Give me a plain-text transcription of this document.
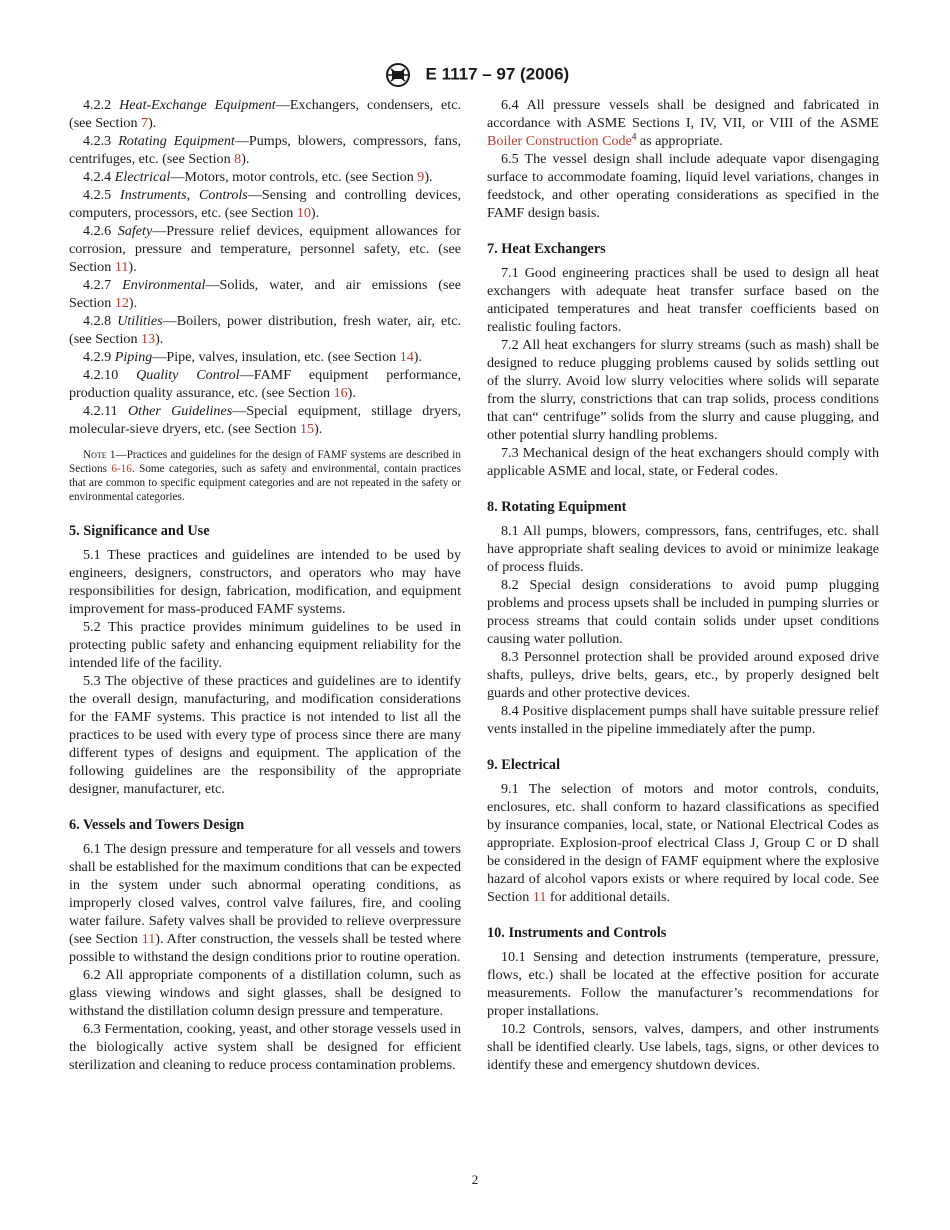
E 1117 – 97 (2006)

4.2.2 Heat-Exchange Equipment—Exchangers, condensers, etc. (see Section 7).

4.2.3 Rotating Equipment—Pumps, blowers, compressors, fans, centrifuges, etc. (see Section 8).

4.2.4 Electrical—Motors, motor controls, etc. (see Section 9).

4.2.5 Instruments, Controls—Sensing and controlling devices, computers, processors, etc. (see Section 10).

4.2.6 Safety—Pressure relief devices, equipment allowances for corrosion, pressure and temperature, personnel safety, etc. (see Section 11).

4.2.7 Environmental—Solids, water, and air emissions (see Section 12).

4.2.8 Utilities—Boilers, power distribution, fresh water, air, etc. (see Section 13).

4.2.9 Piping—Pipe, valves, insulation, etc. (see Section 14).

4.2.10 Quality Control—FAMF equipment performance, production quality assurance, etc. (see Section 16).

4.2.11 Other Guidelines—Special equipment, stillage dryers, molecular-sieve dryers, etc. (see Section 15).

Note 1—Practices and guidelines for the design of FAMF systems are described in Sections 6-16. Some categories, such as safety and environmental, contain practices that are common to specific equipment categories and are not repeated in the safety or environmental categories.

5. Significance and Use

5.1 These practices and guidelines are intended to be used by engineers, designers, constructors, and operators who may have responsibilities for design, fabrication, modification, and equipment improvement for mass-produced FAMF systems.

5.2 This practice provides minimum guidelines to be used in protecting public safety and enhancing equipment reliability for the intended life of the facility.

5.3 The objective of these practices and guidelines are to identify the overall design, manufacturing, and modification considerations for the FAMF systems. This practice is not intended to list all the practices to be used with every type of process since there are many different types of designs and equipment. The application of the following guidelines are the responsibility of the appropriate designer, manufacturer, etc.

6. Vessels and Towers Design

6.1 The design pressure and temperature for all vessels and towers shall be established for the maximum conditions that can be expected in the system under such abnormal operating conditions, as improperly closed valves, control valve failures, fire, and cooling water failure. Safety valves shall be provided to relieve overpressure (see Section 11). After construction, the vessels shall be tested where possible to withstand the design conditions prior to routine operation.

6.2 All appropriate components of a distillation column, such as glass viewing windows and sight glasses, shall be designed to withstand the distillation column design pressure and temperature.

6.3 Fermentation, cooking, yeast, and other storage vessels used in the biologically active system shall be designed for efficient sterilization and cleaning to reduce process contamination problems.

6.4 All pressure vessels shall be designed and fabricated in accordance with ASME Sections I, IV, VII, or VIII of the ASME Boiler Construction Code$^4$ as appropriate.

6.5 The vessel design shall include adequate vapor disengaging surface to accommodate foaming, liquid level variations, changes in feedstock, and other operating considerations as specified in the FAMF design basis.

7. Heat Exchangers

7.1 Good engineering practices shall be used to design all heat exchangers with adequate heat transfer surface based on the anticipated temperatures and heat transfer coefficients based on realistic fouling factors.

7.2 All heat exchangers for slurry streams (such as mash) shall be designed to reduce plugging problems caused by solids settling out of the slurry. Avoid low slurry velocities where solids will separate from the slurry, constrictions that can trap solids, process conditions that can“ centrifuge” solids from the slurry and cause plugging, and other potential slurry handling problems.

7.3 Mechanical design of the heat exchangers should comply with applicable ASME and local, state, or Federal codes.

8. Rotating Equipment

8.1 All pumps, blowers, compressors, fans, centrifuges, etc. shall have appropriate shaft sealing devices to avoid or minimize leakage of process fluids.

8.2 Special design considerations to avoid pump plugging problems and process upsets shall be included in pumping slurries or process streams that could contain solids under upset conditions causing water pollution.

8.3 Personnel protection shall be provided around exposed drive shafts, pulleys, drive belts, gears, etc., by properly designed belt guards and other protective devices.

8.4 Positive displacement pumps shall have suitable pressure relief vents installed in the pipeline immediately after the pump.

9. Electrical

9.1 The selection of motors and motor controls, conduits, enclosures, etc. shall conform to hazard classifications as specified by insurance companies, local, state, or National Electrical Codes as appropriate. Explosion-proof electrical Class J, Group C or D shall be considered in the design of FAMF equipment where the explosive hazard of alcohol vapors exists or where required by local code. See Section 11 for additional details.

10. Instruments and Controls

10.1 Sensing and detection instruments (temperature, pressure, flows, etc.) shall be located at the effective position for accurate measurements. Follow the manufacturer’s recommendations for proper installations.

10.2 Controls, sensors, valves, dampers, and other instruments shall be identified clearly. Use labels, tags, signs, or other devices to identify these and emergency shutdown devices.

2
